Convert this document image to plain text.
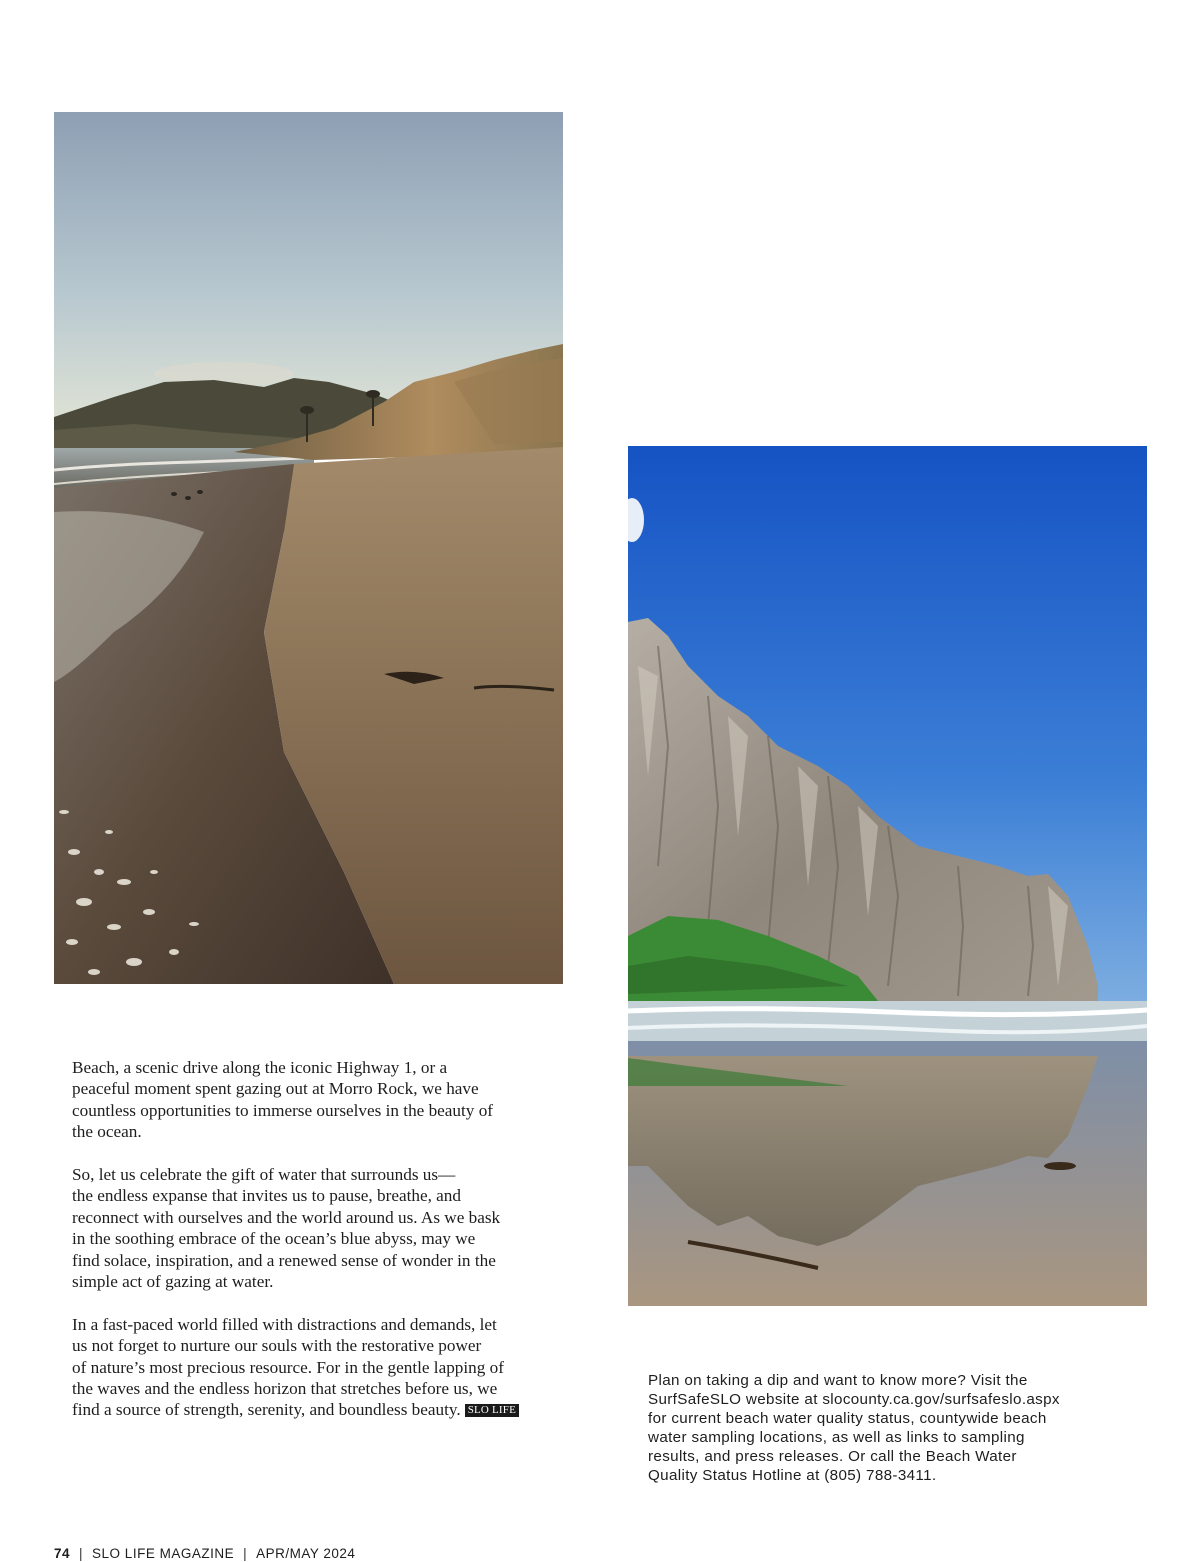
Beach, a scenic drive along the iconic Highway 1, or a
peaceful moment spent gazing out at Morro Rock, we have
countless opportunities to immerse ourselves in the beauty of
the ocean.

So, let us celebrate the gift of water that surrounds us—
the endless expanse that invites us to pause, breathe, and
reconnect with ourselves and the world around us. As we bask
in the soothing embrace of the ocean’s blue abyss, may we
find solace, inspiration, and a renewed sense of wonder in the
simple act of gazing at water.

In a fast-paced world filled with distractions and demands, let
us not forget to nurture our souls with the restorative power
of nature’s most precious resource. For in the gentle lapping of
the waves and the endless horizon that stretches before us, we
find a source of strength, serenity, and boundless beauty. SLO LIFE

Plan on taking a dip and want to know more? Visit the
SurfSafeSLO website at slocounty.ca.gov/surfsafeslo.aspx
for current beach water quality status, countywide beach
water sampling locations, as well as links to sampling
results, and press releases. Or call the Beach Water
Quality Status Hotline at (805) 788-3411.
74 | SLO LIFE MAGAZINE | APR/MAY 2024
